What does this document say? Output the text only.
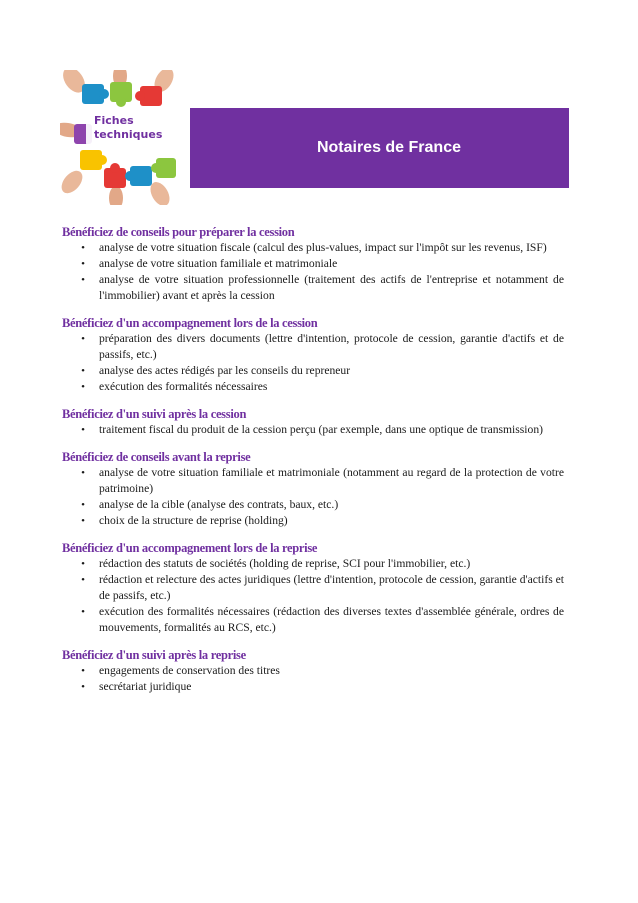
Fiches
techniques
Notaires de France

Bénéficiez de conseils pour préparer la cession

•	analyse de votre situation fiscale (calcul des plus-values, impact sur l'impôt sur les revenus, ISF)
•	analyse de votre situation familiale et matrimoniale
•	analyse de votre situation professionnelle (traitement des actifs de l'entreprise et notamment de l'immobilier) avant et après la cession

Bénéficiez d'un accompagnement lors de la cession

•	préparation des divers documents (lettre d'intention, protocole de cession, garantie d'actifs et de passifs, etc.)
•	analyse des actes rédigés par les conseils du repreneur
•	exécution des formalités nécessaires

Bénéficiez d'un suivi après la cession

•	traitement fiscal du produit de la cession perçu (par exemple, dans une optique de transmission)

Bénéficiez de conseils avant la reprise

•	analyse de votre situation familiale et matrimoniale (notamment au regard de la protection de votre patrimoine)
•	analyse de la cible (analyse des contrats, baux, etc.)
•	choix de la structure de reprise (holding)

Bénéficiez d'un accompagnement lors de la reprise

•	rédaction des statuts de sociétés (holding de reprise, SCI pour l'immobilier, etc.)
•	rédaction et relecture des actes juridiques (lettre d'intention, protocole de cession, garantie d'actifs et de passifs, etc.)
•	exécution des formalités nécessaires (rédaction des diverses textes d'assemblée générale, ordres de mouvements, formalités au RCS, etc.)

Bénéficiez d'un suivi après la reprise

•	engagements de conservation des titres
•	secrétariat juridique
